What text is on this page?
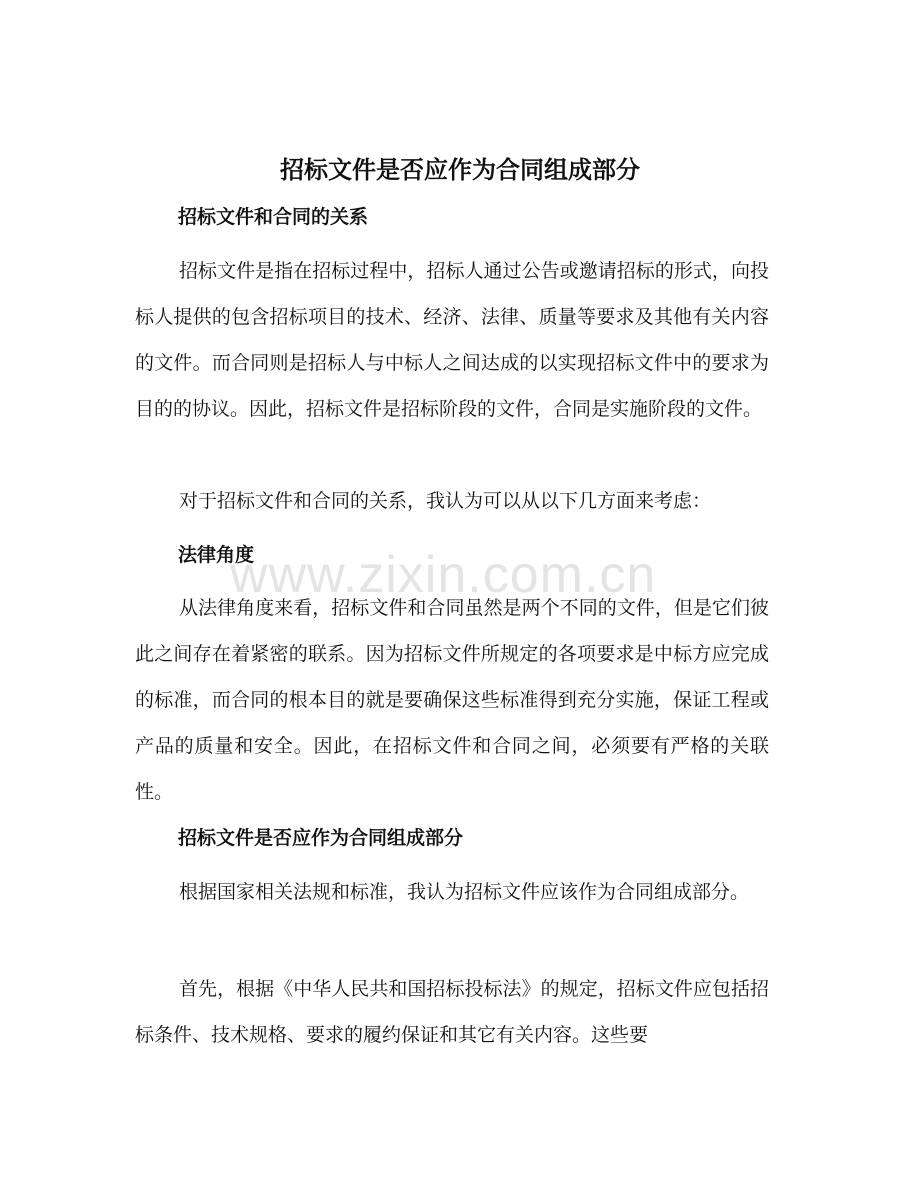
招标文件是否应作为合同组成部分
招标文件和合同的关系

招标文件是指在招标过程中，招标人通过公告或邀请招标的形式，向投标人提供的包含招标项目的技术、经济、法律、质量等要求及其他有关内容的文件。而合同则是招标人与中标人之间达成的以实现招标文件中的要求为目的的协议。因此，招标文件是招标阶段的文件，合同是实施阶段的文件。

对于招标文件和合同的关系，我认为可以从以下几方面来考虑：

法律角度
www.zixin.com.cn

从法律角度来看，招标文件和合同虽然是两个不同的文件，但是它们彼此之间存在着紧密的联系。因为招标文件所规定的各项要求是中标方应完成的标准，而合同的根本目的就是要确保这些标准得到充分实施，保证工程或产品的质量和安全。因此，在招标文件和合同之间，必须要有严格的关联性。

招标文件是否应作为合同组成部分

根据国家相关法规和标准，我认为招标文件应该作为合同组成部分。

首先，根据《中华人民共和国招标投标法》的规定，招标文件应包括招标条件、技术规格、要求的履约保证和其它有关内容。这些要
